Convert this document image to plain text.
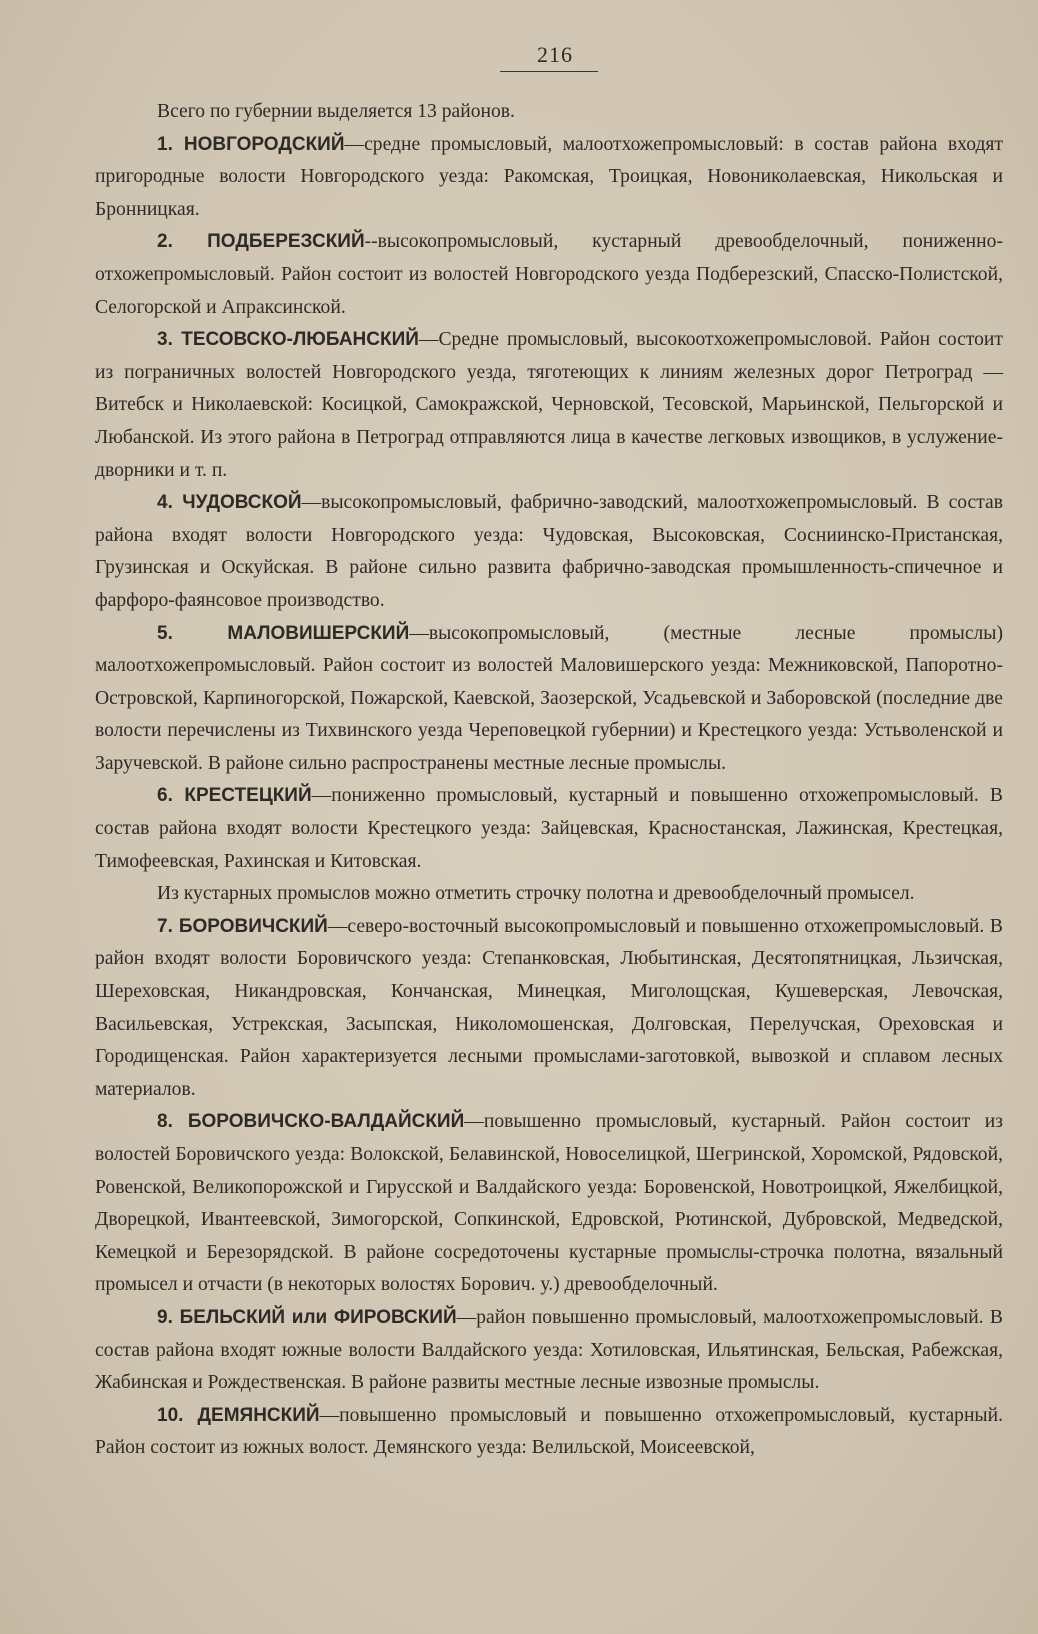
216

Всего по губернии выделяется 13 районов.

1. НОВГОРОДСКИЙ—средне промысловый, малоотхожепромысловый: в состав района входят пригородные волости Новгородского уезда: Ракомская, Троицкая, Новониколаевская, Никольская и Бронницкая.

2. ПОДБЕРЕЗСКИЙ--высокопромысловый, кустарный древообделочный, пониженно-отхожепромысловый. Район состоит из волостей Новгородского уезда Подберезский, Спасско-Полистской, Селогорской и Апраксинской.

3. ТЕСОВСКО-ЛЮБАНСКИЙ—Средне промысловый, высокоотхожепромысловой. Район состоит из пограничных волостей Новгородского уезда, тяготеющих к линиям железных дорог Петроград — Витебск и Николаевской: Косицкой, Самокражской, Черновской, Тесовской, Марьинской, Пельгорской и Любанской. Из этого района в Петроград отправляются лица в качестве легковых извощиков, в услужение-дворники и т. п.

4. ЧУДОВСКОЙ—высокопромысловый, фабрично-заводский, малоотхожепромысловый. В состав района входят волости Новгородского уезда: Чудовская, Высоковская, Сосниинско-Пристанская, Грузинская и Оскуйская. В районе сильно развита фабрично-заводская промышленность-спичечное и фарфоро-фаянсовое производство.

5. МАЛОВИШЕРСКИЙ—высокопромысловый, (местные лесные промыслы) малоотхожепромысловый. Район состоит из волостей Маловишерского уезда: Межниковской, Папоротно-Островской, Карпиногорской, Пожарской, Каевской, Заозерской, Усадьевской и Заборовской (последние две волости перечислены из Тихвинского уезда Череповецкой губернии) и Крестецкого уезда: Устьволенской и Заручевской. В районе сильно распространены местные лесные промыслы.

6. КРЕСТЕЦКИЙ—пониженно промысловый, кустарный и повышенно отхожепромысловый. В состав района входят волости Крестецкого уезда: Зайцевская, Красностанская, Лажинская, Крестецкая, Тимофеевская, Рахинская и Китовская.

Из кустарных промыслов можно отметить строчку полотна и древообделочный промысел.

7. БОРОВИЧСКИЙ—северо-восточный высокопромысловый и повышенно отхожепромысловый. В район входят волости Боровичского уезда: Степанковская, Любытинская, Десятопятницкая, Льзичская, Шереховская, Никандровская, Кончанская, Минецкая, Миголощская, Кушеверская, Левочская, Васильевская, Устрекская, Засыпская, Николомошенская, Долговская, Перелучская, Ореховская и Городищенская. Район характеризуется лесными промыслами-заготовкой, вывозкой и сплавом лесных материалов.

8. БОРОВИЧСКО-ВАЛДАЙСКИЙ—повышенно промысловый, кустарный. Район состоит из волостей Боровичского уезда: Волокской, Белавинской, Новоселицкой, Шегринской, Хоромской, Рядовской, Ровенской, Великопорожской и Гирусской и Валдайского уезда: Боровенской, Новотроицкой, Яжелбицкой, Дворецкой, Ивантеевской, Зимогорской, Сопкинской, Едровской, Рютинской, Дубровской, Медведской, Кемецкой и Березорядской. В районе сосредоточены кустарные промыслы-строчка полотна, вязальный промысел и отчасти (в некоторых волостях Борович. у.) древообделочный.

9. БЕЛЬСКИЙ или ФИРОВСКИЙ—район повышенно промысловый, малоотхожепромысловый. В состав района входят южные волости Валдайского уезда: Хотиловская, Ильятинская, Бельская, Рабежская, Жабинская и Рождественская. В районе развиты местные лесные извозные промыслы.

10. ДЕМЯНСКИЙ—повышенно промысловый и повышенно отхожепромысловый, кустарный. Район состоит из южных волост. Демянского уезда: Велильской, Моисеевской,
